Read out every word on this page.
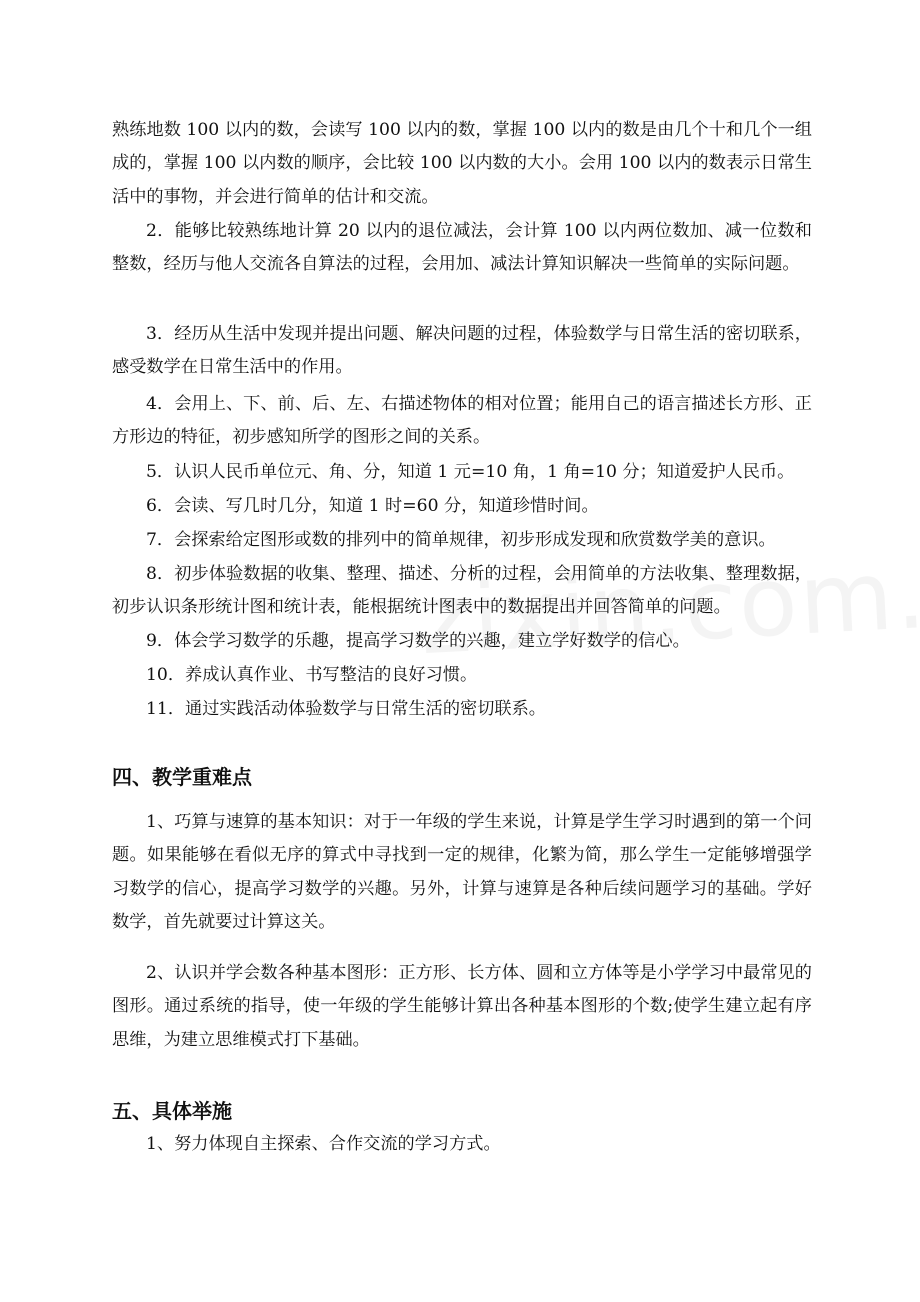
熟练地数 100 以内的数，会读写 100 以内的数，掌握 100 以内的数是由几个十和几个一组成的，掌握 100 以内数的顺序，会比较 100 以内数的大小。会用 100 以内的数表示日常生活中的事物，并会进行简单的估计和交流。

2．能够比较熟练地计算 20 以内的退位减法，会计算 100 以内两位数加、减一位数和整数，经历与他人交流各自算法的过程，会用加、减法计算知识解决一些简单的实际问题。

3．经历从生活中发现并提出问题、解决问题的过程，体验数学与日常生活的密切联系，感受数学在日常生活中的作用。

4．会用上、下、前、后、左、右描述物体的相对位置；能用自己的语言描述长方形、正方形边的特征，初步感知所学的图形之间的关系。

5．认识人民币单位元、角、分，知道 1 元=10 角，1 角=10 分；知道爱护人民币。

6．会读、写几时几分，知道 1 时=60 分，知道珍惜时间。

7．会探索给定图形或数的排列中的简单规律，初步形成发现和欣赏数学美的意识。

8．初步体验数据的收集、整理、描述、分析的过程，会用简单的方法收集、整理数据，初步认识条形统计图和统计表，能根据统计图表中的数据提出并回答简单的问题。

9．体会学习数学的乐趣，提高学习数学的兴趣，建立学好数学的信心。

10．养成认真作业、书写整洁的良好习惯。

11．通过实践活动体验数学与日常生活的密切联系。

四、教学重难点

1、巧算与速算的基本知识：对于一年级的学生来说，计算是学生学习时遇到的第一个问题。如果能够在看似无序的算式中寻找到一定的规律，化繁为简，那么学生一定能够增强学习数学的信心，提高学习数学的兴趣。另外，计算与速算是各种后续问题学习的基础。学好数学，首先就要过计算这关。

2、认识并学会数各种基本图形：正方形、长方体、圆和立方体等是小学学习中最常见的图形。通过系统的指导，使一年级的学生能够计算出各种基本图形的个数;使学生建立起有序思维，为建立思维模式打下基础。

五、具体举施

1、努力体现自主探索、合作交流的学习方式。
